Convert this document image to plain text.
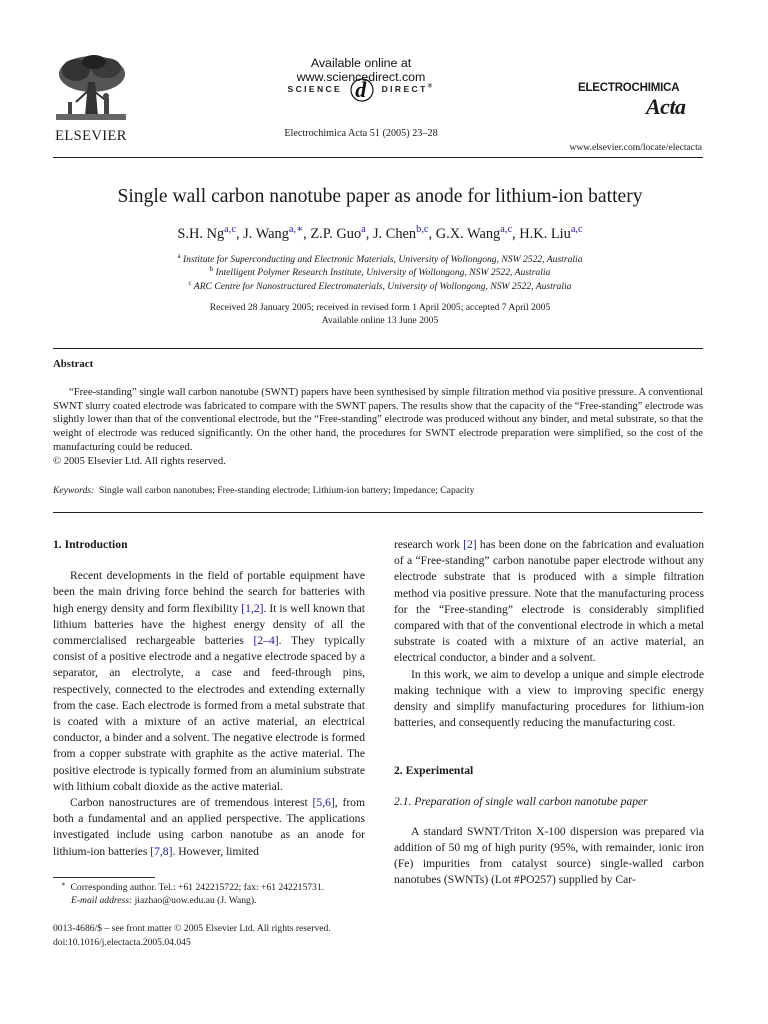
ELSEVIER
Available online at www.sciencedirect.com
SCIENCE d DIRECT®
Electrochimica Acta 51 (2005) 23–28
ELECTROCHIMICA
Acta
www.elsevier.com/locate/electacta
Single wall carbon nanotube paper as anode for lithium-ion battery
S.H. Ng$^{a,c}$, J. Wang$^{a,∗}$, Z.P. Guo$^a$, J. Chen$^{b,c}$, G.X. Wang$^{a,c}$, H.K. Liu$^{a,c}$
$^a$ Institute for Superconducting and Electronic Materials, University of Wollongong, NSW 2522, Australia
$^b$ Intelligent Polymer Research Institute, University of Wollongong, NSW 2522, Australia
$^c$ ARC Centre for Nanostructured Electromaterials, University of Wollongong, NSW 2522, Australia
Received 28 January 2005; received in revised form 1 April 2005; accepted 7 April 2005
Available online 13 June 2005
Abstract
“Free-standing” single wall carbon nanotube (SWNT) papers have been synthesised by simple filtration method via positive pressure. A conventional SWNT slurry coated electrode was fabricated to compare with the SWNT papers. The results show that the capacity of the “Free-standing” electrode was slightly lower than that of the conventional electrode, but the “Free-standing” electrode was produced without any binder, and metal substrate, so that the weight of electrode was reduced significantly. On the other hand, the procedures for SWNT electrode preparation were simplified, so the cost of the manufacturing could be reduced.
© 2005 Elsevier Ltd. All rights reserved.
Keywords: Single wall carbon nanotubes; Free-standing electrode; Lithium-ion battery; Impedance; Capacity
1. Introduction

Recent developments in the field of portable equipment have been the main driving force behind the search for batteries with high energy density and form flexibility [1,2]. It is well known that lithium batteries have the highest energy density of all the commercialised rechargeable batteries [2–4]. They typically consist of a positive electrode and a negative electrode spaced by a separator, an electrolyte, a case and feed-through pins, respectively, connected to the electrodes and extending externally from the case. Each electrode is formed from a metal substrate that is coated with a mixture of an active material, an electrical conductor, a binder and a solvent. The negative electrode is formed from a copper substrate with graphite as the active material. The positive electrode is typically formed from an aluminium substrate with lithium cobalt dioxide as the active material.

Carbon nanostructures are of tremendous interest [5,6], from both a fundamental and an applied perspective. The applications investigated include using carbon nanotube as an anode for lithium-ion batteries [7,8]. However, limited

∗ Corresponding author. Tel.: +61 242215722; fax: +61 242215731.
E-mail address: jiazhao@uow.edu.au (J. Wang).
0013-4686/$ – see front matter © 2005 Elsevier Ltd. All rights reserved.
doi:10.1016/j.electacta.2005.04.045

research work [2] has been done on the fabrication and evaluation of a “Free-standing” carbon nanotube paper electrode without any electrode substrate that is produced with a simple filtration method via positive pressure. Note that the manufacturing process for the “Free-standing” electrode is considerably simplified compared with that of the conventional electrode in which a metal substrate is coated with a mixture of an active material, an electrical conductor, a binder and a solvent.

In this work, we aim to develop a unique and simple electrode making technique with a view to improving specific energy density and simplify manufacturing procedures for lithium-ion batteries, and consequently reducing the manufacturing cost.

2. Experimental
2.1. Preparation of single wall carbon nanotube paper

A standard SWNT/Triton X-100 dispersion was prepared via addition of 50 mg of high purity (95%, with remainder, ionic iron (Fe) impurities from catalyst source) single-walled carbon nanotubes (SWNTs) (Lot #PO257) supplied by Car-
